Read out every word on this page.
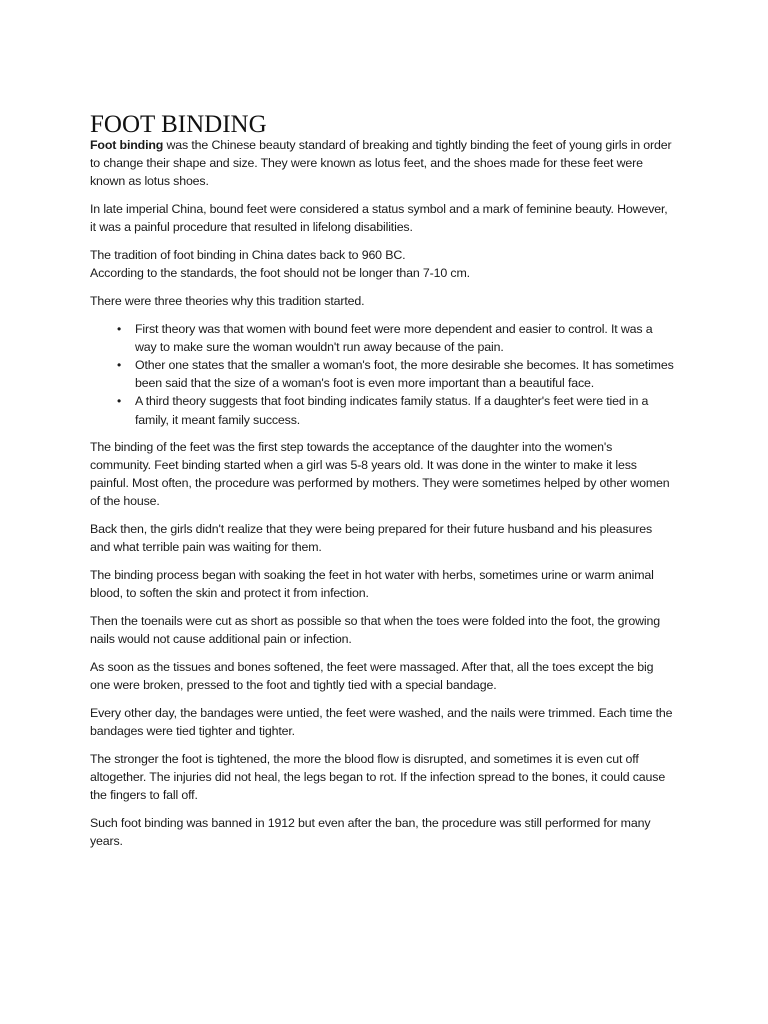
FOOT BINDING

Foot binding was the Chinese beauty standard of breaking and tightly binding the feet of young girls in order to change their shape and size. They were known as lotus feet, and the shoes made for these feet were known as lotus shoes.

In late imperial China, bound feet were considered a status symbol and a mark of feminine beauty. However, it was a painful procedure that resulted in lifelong disabilities.

The tradition of foot binding in China dates back to 960 BC.
According to the standards, the foot should not be longer than 7-10 cm.

There were three theories why this tradition started.

• First theory was that women with bound feet were more dependent and easier to control. It was a way to make sure the woman wouldn't run away because of the pain.
• Other one states that the smaller a woman's foot, the more desirable she becomes. It has sometimes been said that the size of a woman's foot is even more important than a beautiful face.
• A third theory suggests that foot binding indicates family status. If a daughter's feet were tied in a family, it meant family success.

The binding of the feet was the first step towards the acceptance of the daughter into the women's community. Feet binding started when a girl was 5-8 years old. It was done in the winter to make it less painful. Most often, the procedure was performed by mothers. They were sometimes helped by other women of the house.

Back then, the girls didn't realize that they were being prepared for their future husband and his pleasures and what terrible pain was waiting for them.

The binding process began with soaking the feet in hot water with herbs, sometimes urine or warm animal blood, to soften the skin and protect it from infection.

Then the toenails were cut as short as possible so that when the toes were folded into the foot, the growing nails would not cause additional pain or infection.

As soon as the tissues and bones softened, the feet were massaged. After that, all the toes except the big one were broken, pressed to the foot and tightly tied with a special bandage.

Every other day, the bandages were untied, the feet were washed, and the nails were trimmed. Each time the bandages were tied tighter and tighter.

The stronger the foot is tightened, the more the blood flow is disrupted, and sometimes it is even cut off altogether. The injuries did not heal, the legs began to rot. If the infection spread to the bones, it could cause the fingers to fall off.

Such foot binding was banned in 1912 but even after the ban, the procedure was still performed for many years.
